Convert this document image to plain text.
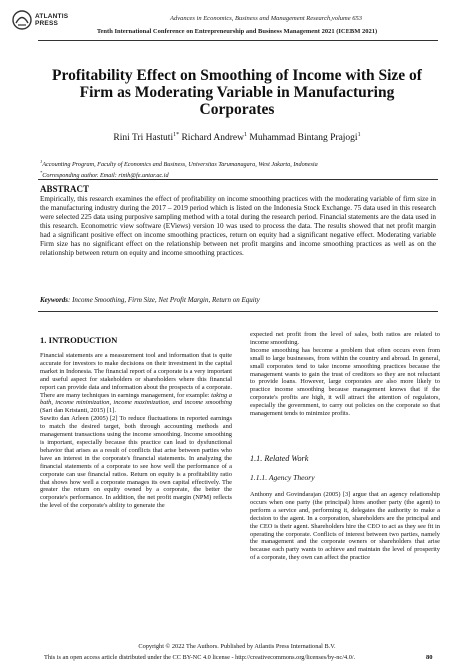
ATLANTIS
PRESS
Advances in Economics, Business and Management Research,volume 653
Tenth International Conference on Entrepreneurship and Business Management 2021 (ICEBM 2021)
Profitability Effect on Smoothing of Income with Size of
Firm as Moderating Variable in Manufacturing
Corporates
Rini Tri Hastuti$^{1*}$ Richard Andrew$^1$ Muhammad Bintang Prajogi$^1$
$^1$Accounting Program, Faculty of Economics and Business, Universitas Tarumanagara, West Jakarta, Indonesia
*Corresponding author. Email: rinih@fe.untar.ac.id
ABSTRACT
Empirically, this research examines the effect of profitability on income smoothing practices with the moderating variable of firm size in the manufacturing industry during the 2017 – 2019 period which is listed on the Indonesia Stock Exchange. 75 data used in this research were selected 225 data using purposive sampling method with a total during the research period. Financial statements are the data used in this research. Econometric view software (EViews) version 10 was used to process the data. The results showed that net profit margin had a significant positive effect on income smoothing practices, return on equity had a significant negative effect. Moderating variable Firm size has no significant effect on the relationship between net profit margins and income smoothing practices as well as on the relationship between return on equity and income smoothing practices.
Keywords: Income Smoothing, Firm Size, Net Profit Margin, Return on Equity
1. INTRODUCTION

Financial statements are a measurement tool and information that is quite accurate for investors to make decisions on their investment in the capital market in Indonesia. The financial report of a corporate is a very important and useful aspect for stakeholders or shareholders where this financial report can provide data and information about the prospects of a corporate. There are many techniques in earnings management, for example: taking a bath, income minimization, income maximization, and income smoothing (Sari dan Kristanti, 2015) [1].

Suwito dan Arleen (2005) [2] To reduce fluctuations in reported earnings to match the desired target, both through accounting methods and management transactions using the income smoothing. Income smoothing is important, especially because this practice can lead to dysfunctional behavior that arises as a result of conflicts that arise between parties who have an interest in the corporate's financial statements. In analyzing the financial statements of a corporate to see how well the performance of a corporate can use financial ratios. Return on equity is a profitability ratio that shows how well a corporate manages its own capital effectively. The greater the return on equity owned by a corporate, the better the corporate's performance. In addition, the net profit margin (NPM) reflects the level of the corporate's ability to generate the

expected net profit from the level of sales, both ratios are related to income smoothing.

Income smoothing has become a problem that often occurs even from small to large businesses, from within the country and abroad. In general, small corporates tend to take income smoothing practices because the management wants to gain the trust of creditors so they are not reluctant to provide loans. However, large corporates are also more likely to practice income smoothing because management knows that if the corporate's profits are high, it will attract the attention of regulators, especially the government, to carry out policies on the corporate so that management tends to minimize profits.

1.1. Related Work
1.1.1. Agency Theory

Anthony and Govindarajan (2005) [3] argue that an agency relationship occurs when one party (the principal) hires another party (the agent) to perform a service and, performing it, delegates the authority to make a decision to the agent. In a corporation, shareholders are the principal and the CEO is their agent. Shareholders hire the CEO to act as they see fit in operating the corporate. Conflicts of interest between two parties, namely the management and the corporate owners or shareholders that arise because each party wants to achieve and maintain the level of prosperity of a corporate, they own can affect the practice

Copyright © 2022 The Authors. Published by Atlantis Press International B.V.
This is an open access article distributed under the CC BY-NC 4.0 license - http://creativecommons.org/licenses/by-nc/4.0/.	80
